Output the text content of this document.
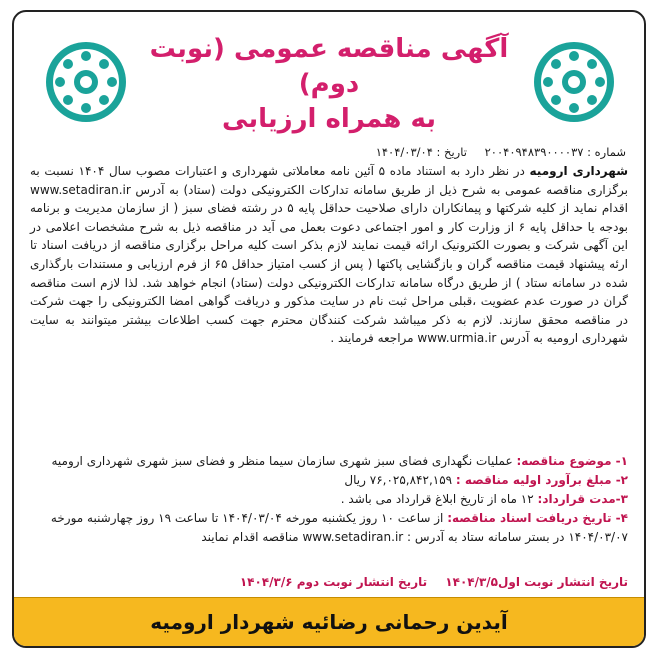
آگهی مناقصه عمومی (نوبت دوم)
به همراه ارزیابی
شماره : ۲۰۰۴۰۹۴۸۳۹۰۰۰۰۳۷ تاریخ : ۱۴۰۴/۰۳/۰۴
شهرداری ارومیه در نظر دارد به استناد ماده ۵ آئین نامه معاملاتی شهرداری و اعتبارات مصوب سال ۱۴۰۴ نسبت به برگزاری مناقصه عمومی به شرح ذیل از طریق سامانه تدارکات الکترونیکی دولت (ستاد) به آدرس www.setadiran.ir اقدام نماید از کلیه شرکتها و پیمانکاران دارای صلاحیت حداقل پایه ۵ در رشته فضای سبز ( از سازمان مدیریت و برنامه بودجه یا حداقل پایه ۶ از وزارت کار و امور اجتماعی دعوت بعمل می آید در مناقصه ذیل به شرح مشخصات اعلامی در این آگهی شرکت و بصورت الکترونیک ارائه قیمت نمایند لازم بذکر است کلیه مراحل برگزاری مناقصه از دریافت اسناد تا ارئه پیشنهاد قیمت مناقصه گران و بازگشایی پاکتها ( پس از کسب امتیاز حداقل ۶۵ از فرم ارزیابی و مستندات بارگذاری شده در سامانه ستاد ) از طریق درگاه سامانه تدارکات الکترونیکی دولت (ستاد) انجام خواهد شد. لذا لازم است مناقصه گران در صورت عدم عضویت ،قبلی مراحل ثبت نام در سایت مذکور و دریافت گواهی امضا الکترونیکی را جهت شرکت در مناقصه محقق سازند. لازم به ذکر میباشد شرکت کنندگان محترم جهت کسب اطلاعات بیشتر میتوانند به سایت شهرداری ارومیه به آدرس www.urmia.ir مراجعه فرمایند .
۱- موضوع مناقصه: عملیات نگهداری فضای سبز شهری سازمان سیما منظر و فضای سبز شهری شهرداری ارومیه
۲- مبلغ برآورد اولیه مناقصه : ۷۶,۰۲۵,۸۴۲,۱۵۹ ریال
۳-مدت قرارداد: ۱۲ ماه از تاریخ ابلاغ قرارداد می باشد .
۴- تاریخ دریافت اسناد مناقصه: از ساعت ۱۰ روز یکشنبه مورخه ۱۴۰۴/۰۳/۰۴ تا ساعت ۱۹ روز چهارشنبه مورخه ۱۴۰۴/۰۳/۰۷ در بستر سامانه ستاد به آدرس : www.setadiran.ir مناقصه اقدام نمایند
تاریخ انتشار نوبت اول۱۴۰۴/۳/۵ تاریخ انتشار نوبت دوم ۱۴۰۴/۳/۶
آیدین رحمانی رضائیه شهردار ارومیه
